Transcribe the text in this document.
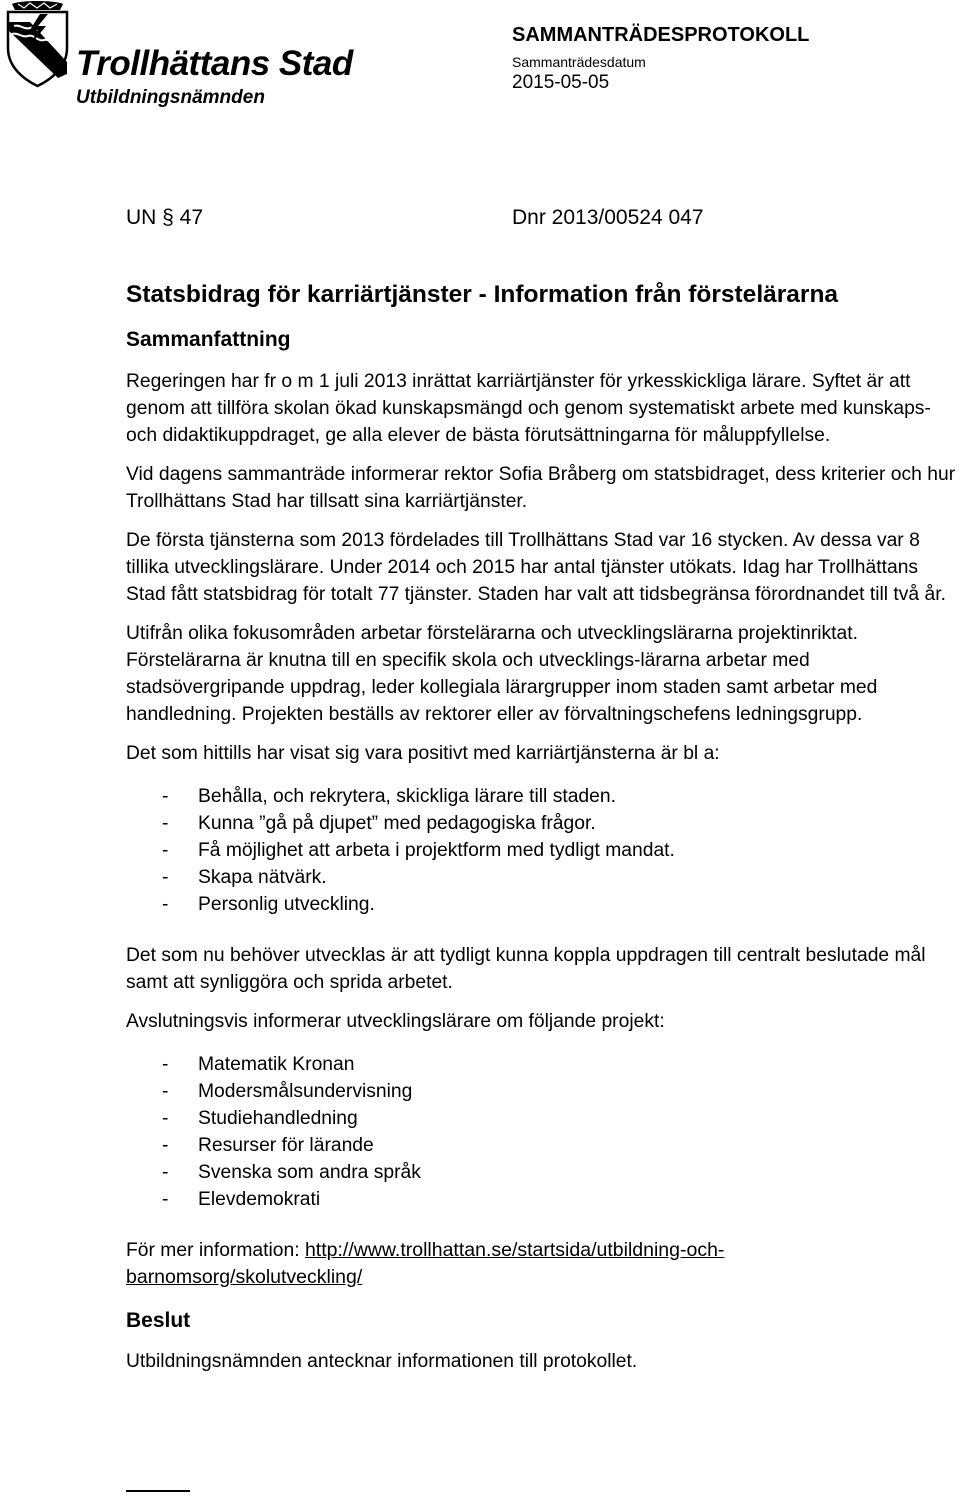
Trollhättans Stad
Utbildningsnämnden
SAMMANTRÄDESPROTOKOLL
Sammanträdesdatum
2015-05-05
UN § 47	Dnr 2013/00524 047
Statsbidrag för karriärtjänster - Information från förstelärarna
Sammanfattning

Regeringen har fr o m 1 juli 2013 inrättat karriärtjänster för yrkesskickliga lärare. Syftet är att genom att tillföra skolan ökad kunskapsmängd och genom systematiskt arbete med kunskaps- och didaktikuppdraget, ge alla elever de bästa förutsättningarna för måluppfyllelse.

Vid dagens sammanträde informerar rektor Sofia Bråberg om statsbidraget, dess kriterier och hur Trollhättans Stad har tillsatt sina karriärtjänster.

De första tjänsterna som 2013 fördelades till Trollhättans Stad var 16 stycken. Av dessa var 8 tillika utvecklingslärare. Under 2014 och 2015 har antal tjänster utökats. Idag har Trollhättans Stad fått statsbidrag för totalt 77 tjänster. Staden har valt att tidsbegränsa förordnandet till två år.

Utifrån olika fokusområden arbetar förstelärarna och utvecklingslärarna projektinriktat. Förstelärarna är knutna till en specifik skola och utvecklings-lärarna arbetar med stadsövergripande uppdrag, leder kollegiala lärargrupper inom staden samt arbetar med handledning. Projekten beställs av rektorer eller av förvaltningschefens ledningsgrupp.

Det som hittills har visat sig vara positivt med karriärtjänsterna är bl a:

- Behålla, och rekrytera, skickliga lärare till staden.
- Kunna ”gå på djupet” med pedagogiska frågor.
- Få möjlighet att arbeta i projektform med tydligt mandat.
- Skapa nätvärk.
- Personlig utveckling.

Det som nu behöver utvecklas är att tydligt kunna koppla uppdragen till centralt beslutade mål samt att synliggöra och sprida arbetet.

Avslutningsvis informerar utvecklingslärare om följande projekt:

- Matematik Kronan
- Modersmålsundervisning
- Studiehandledning
- Resurser för lärande
- Svenska som andra språk
- Elevdemokrati

För mer information: http://www.trollhattan.se/startsida/utbildning-och-
barnomsorg/skolutveckling/

Beslut

Utbildningsnämnden antecknar informationen till protokollet.
